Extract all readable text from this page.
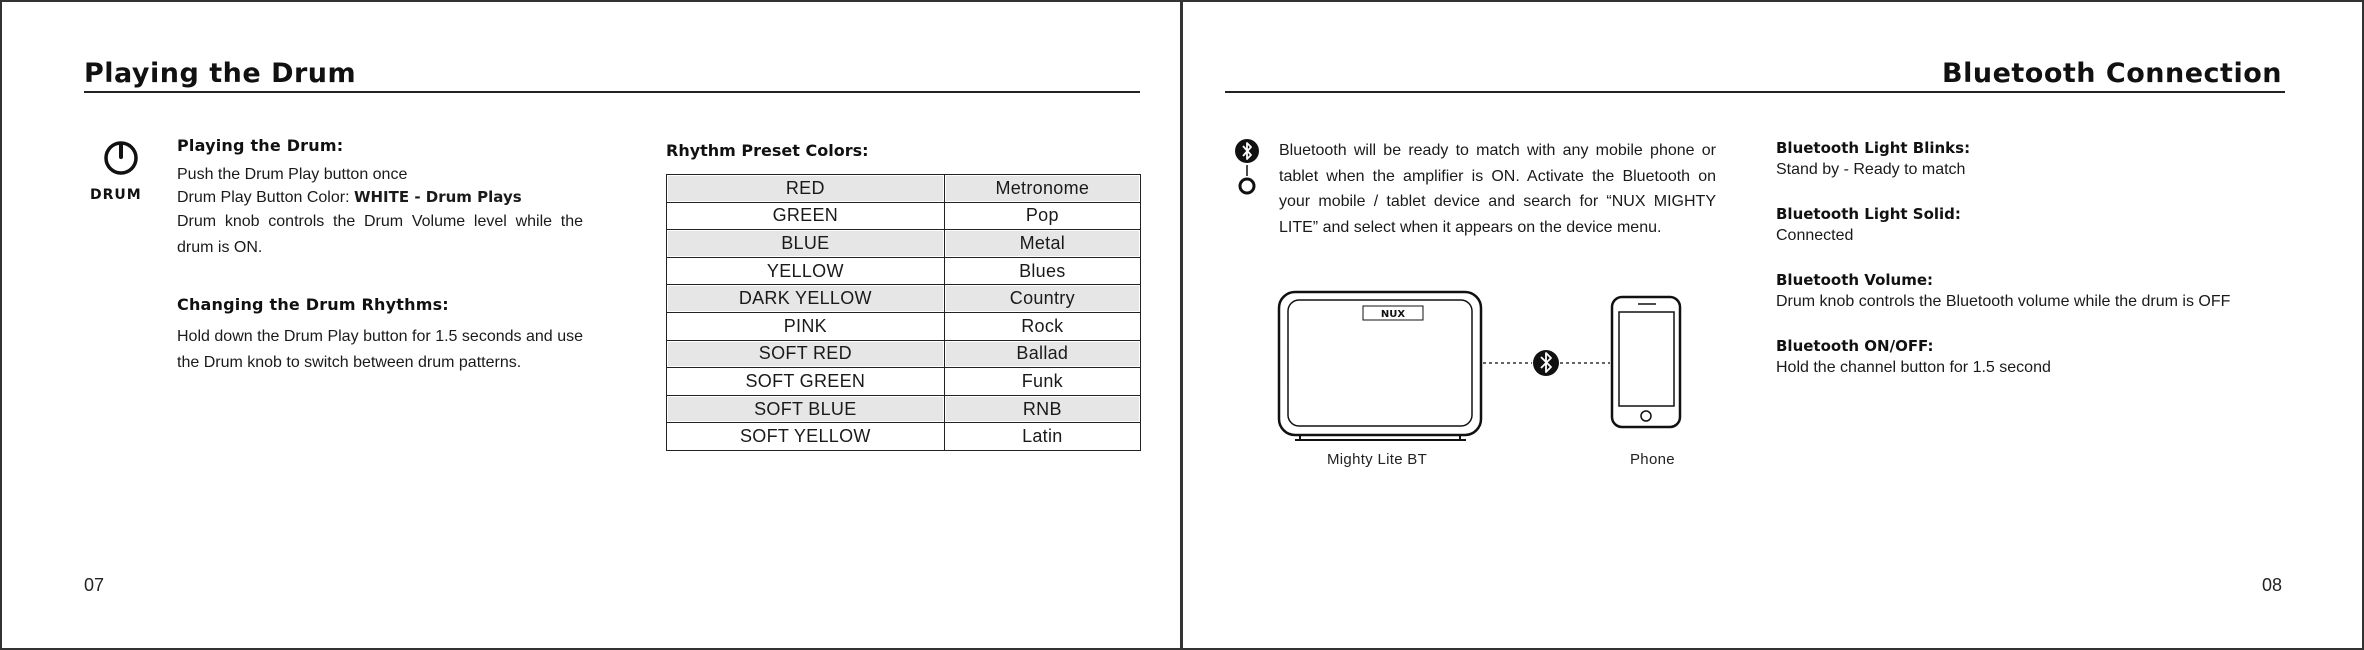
Playing the Drum
DRUM
Playing the Drum:
Push the Drum Play button once
Drum Play Button Color: WHITE - Drum Plays
Drum knob controls the Drum Volume level while the drum is ON.
Changing the Drum Rhythms:
Hold down the Drum Play button for 1.5 seconds and use the Drum knob to switch between drum patterns.
Rhythm Preset Colors:
RED	Metronome
GREEN	Pop
BLUE	Metal
YELLOW	Blues
DARK YELLOW	Country
PINK	Rock
SOFT RED	Ballad
SOFT GREEN	Funk
SOFT BLUE	RNB
SOFT YELLOW	Latin
07
Bluetooth Connection
Bluetooth will be ready to match with any mobile phone or tablet when the amplifier is ON. Activate the Bluetooth on your mobile / tablet device and search for “NUX MIGHTY LITE” and select when it appears on the device menu.
08
NUX
Mighty Lite BT	Phone
Bluetooth Light Blinks:
Stand by - Ready to match
Bluetooth Light Solid:
Connected
Bluetooth Volume:
Drum knob controls the Bluetooth volume while the drum is OFF
Bluetooth ON/OFF:
Hold the channel button for 1.5 second
